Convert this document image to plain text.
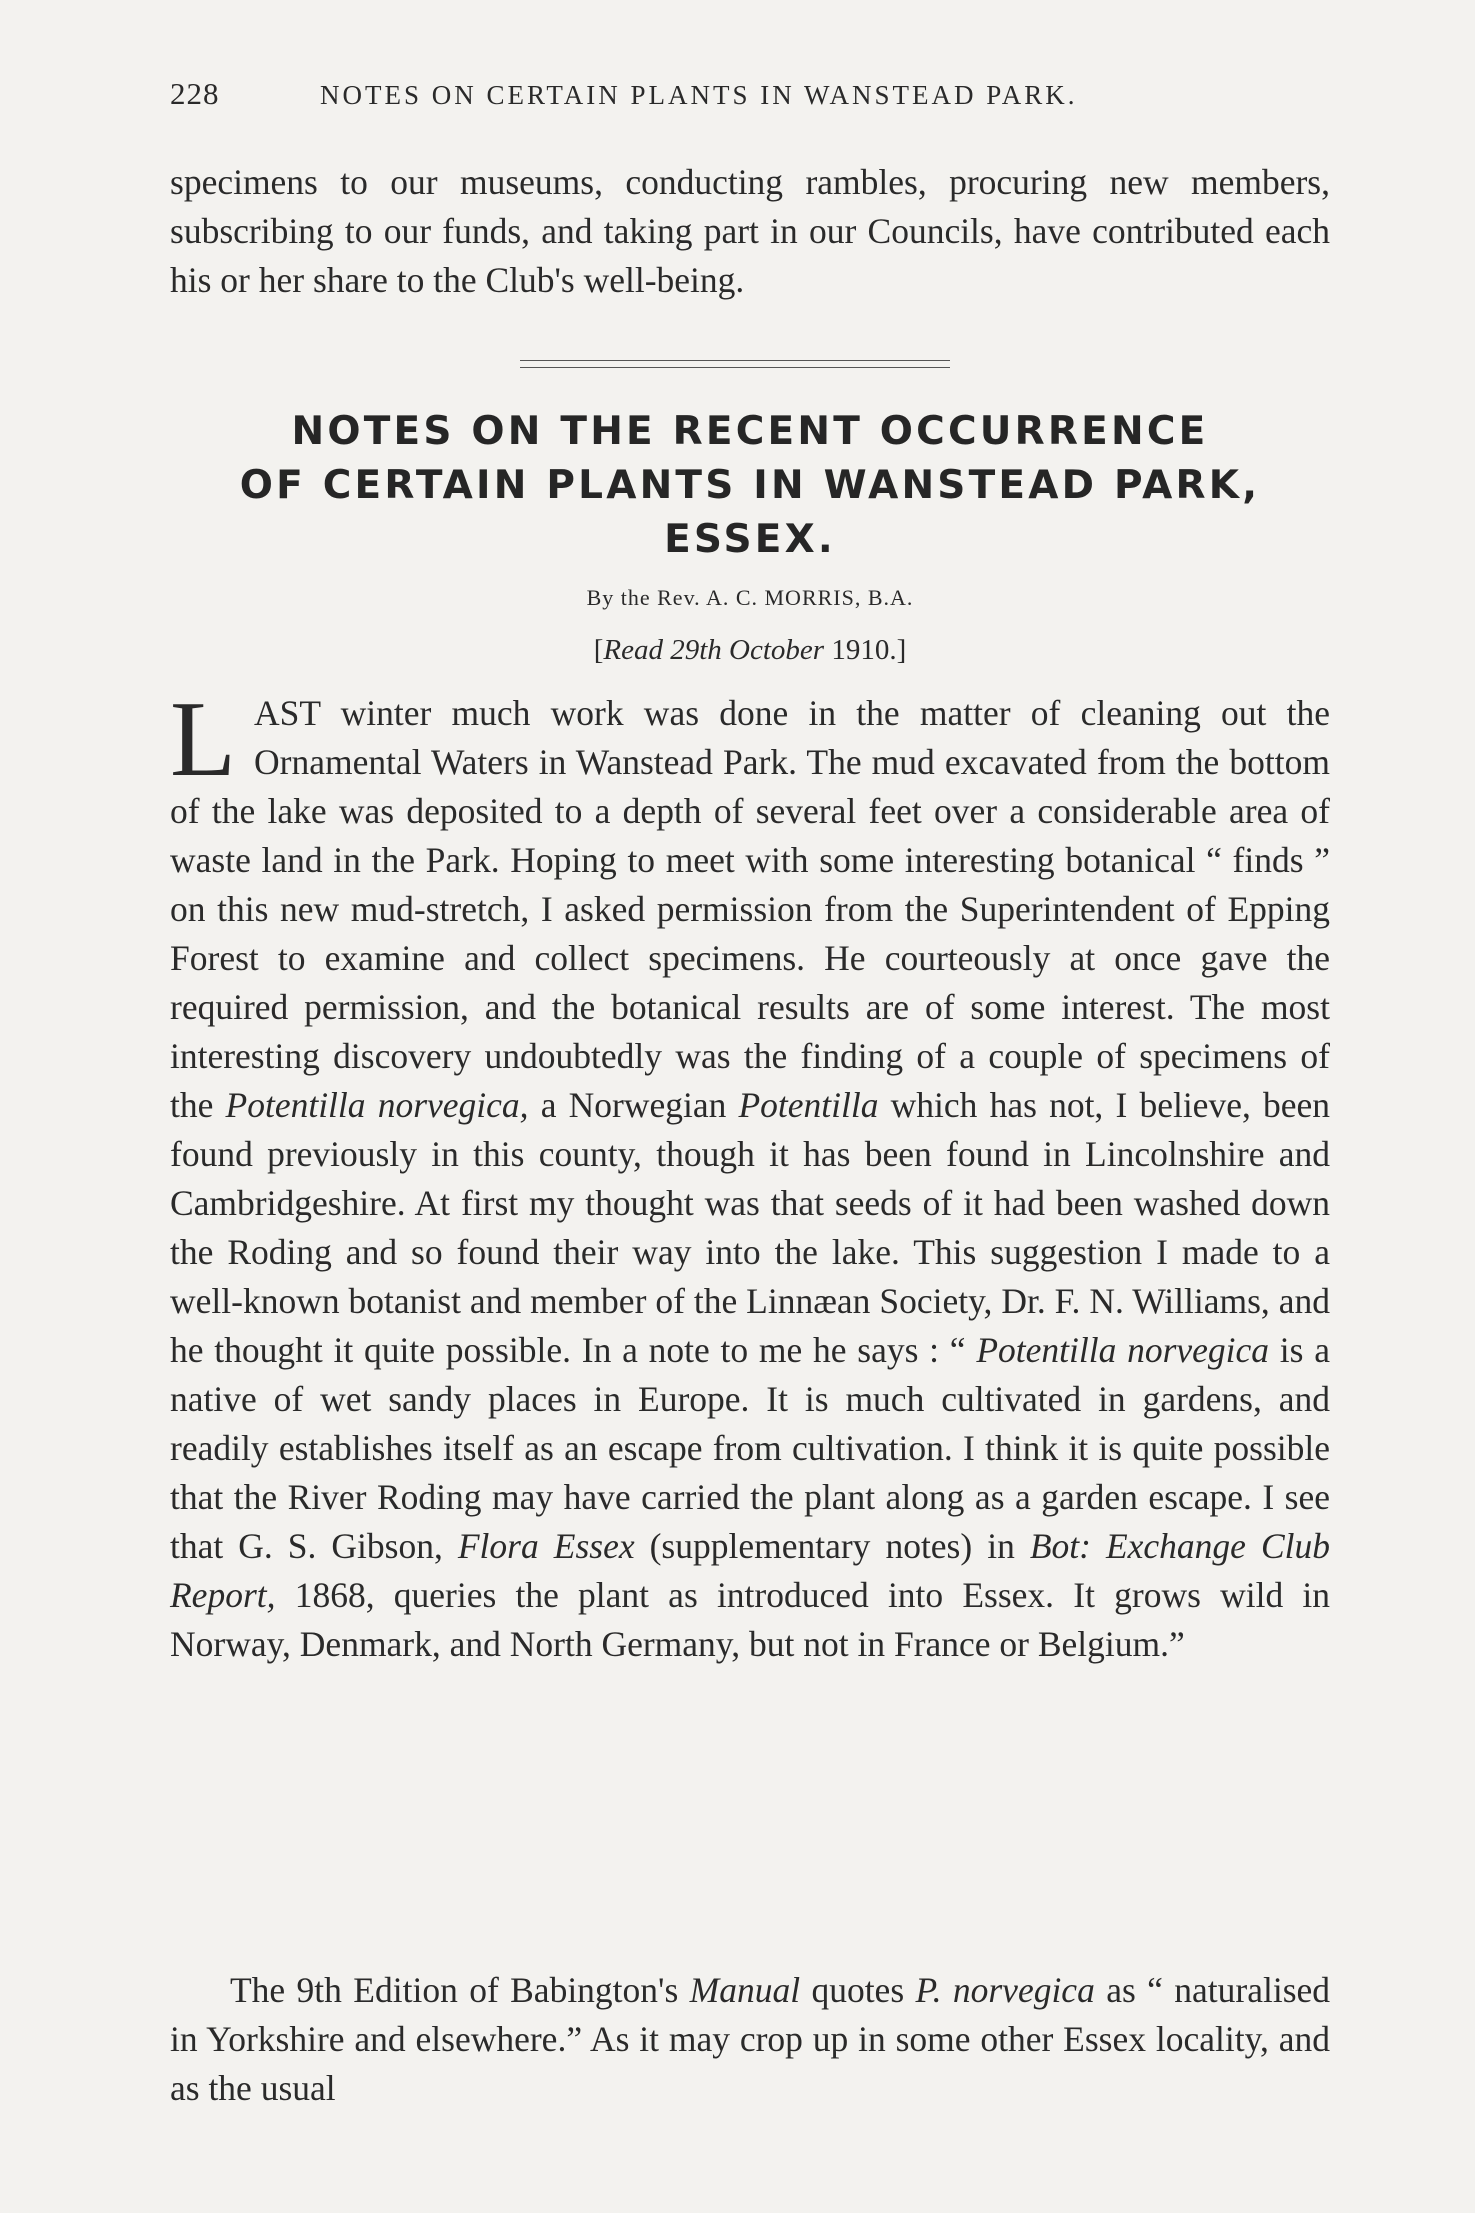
228	NOTES ON CERTAIN PLANTS IN WANSTEAD PARK.
specimens to our museums, conducting rambles, procuring new members, subscribing to our funds, and taking part in our Councils, have contributed each his or her share to the Club's well-being.
NOTES ON THE RECENT OCCURRENCE
OF CERTAIN PLANTS IN WANSTEAD PARK,
ESSEX.
By the Rev. A. C. MORRIS, B.A.
[Read 29th October 1910.]
LAST winter much work was done in the matter of cleaning out the Ornamental Waters in Wanstead Park. The mud excavated from the bottom of the lake was deposited to a depth of several feet over a considerable area of waste land in the Park. Hoping to meet with some interesting botanical “ finds ” on this new mud-stretch, I asked permission from the Superintendent of Epping Forest to examine and collect specimens. He courteously at once gave the required permission, and the botanical results are of some interest. The most interesting discovery undoubtedly was the finding of a couple of specimens of the Potentilla norvegica, a Norwegian Potentilla which has not, I believe, been found previously in this county, though it has been found in Lincolnshire and Cambridgeshire. At first my thought was that seeds of it had been washed down the Roding and so found their way into the lake. This suggestion I made to a well-known botanist and member of the Linnæan Society, Dr. F. N. Williams, and he thought it quite possible. In a note to me he says : “ Potentilla norvegica is a native of wet sandy places in Europe. It is much cultivated in gardens, and readily establishes itself as an escape from cultivation. I think it is quite possible that the River Roding may have carried the plant along as a garden escape. I see that G. S. Gibson, Flora Essex (supplementary notes) in Bot: Exchange Club Report, 1868, queries the plant as introduced into Essex. It grows wild in Norway, Denmark, and North Germany, but not in France or Belgium.”
The 9th Edition of Babington's Manual quotes P. norvegica as “ naturalised in Yorkshire and elsewhere.” As it may crop up in some other Essex locality, and as the usual
